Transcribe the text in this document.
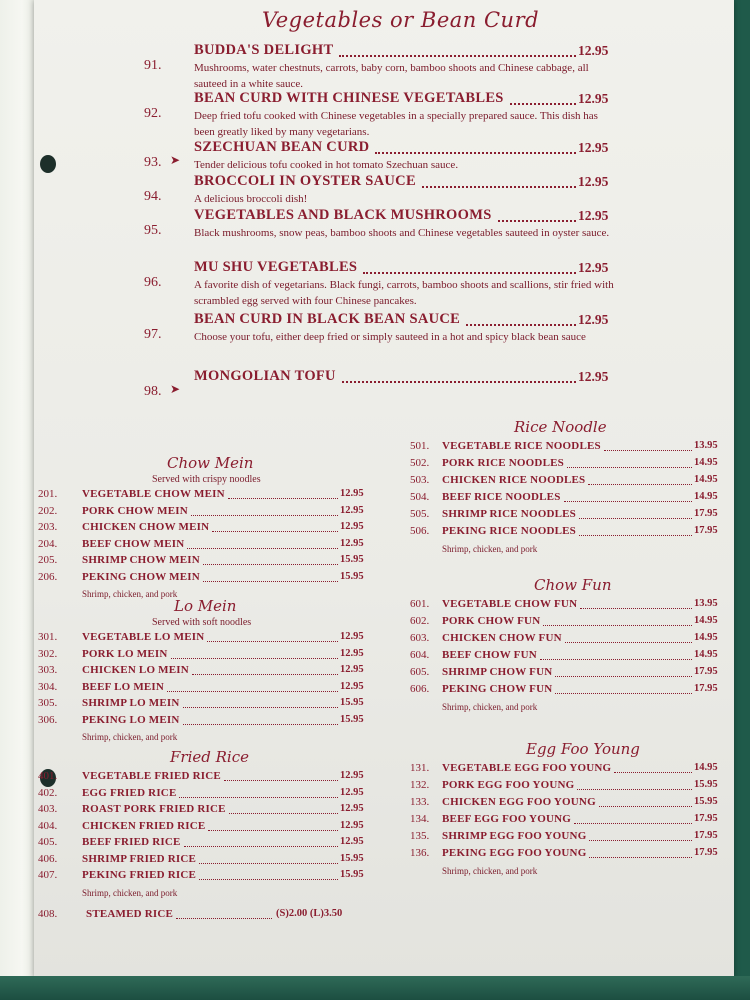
Vegetables or Bean Curd
91.
BUDDA'S DELIGHT	12.95
Mushrooms, water chestnuts, carrots, baby corn, bamboo shoots and Chinese cabbage, all sauteed in a white sauce.
92.
BEAN CURD WITH CHINESE VEGETABLES	12.95
Deep fried tofu cooked with Chinese vegetables in a specially prepared sauce. This dish has been greatly liked by many vegetarians.
93. ➤
SZECHUAN BEAN CURD	12.95
Tender delicious tofu cooked in hot tomato Szechuan sauce.
94.
BROCCOLI IN OYSTER SAUCE	12.95
A delicious broccoli dish!
95.
VEGETABLES AND BLACK MUSHROOMS	12.95
Black mushrooms, snow peas, bamboo shoots and Chinese vegetables sauteed in oyster sauce.
96.
MU SHU VEGETABLES	12.95
A favorite dish of vegetarians. Black fungi, carrots, bamboo shoots and scallions, stir fried with scrambled egg served with four Chinese pancakes.
97.
BEAN CURD IN BLACK BEAN SAUCE	12.95
Choose your tofu, either deep fried or simply sauteed in a hot and spicy black bean sauce
98. ➤
MONGOLIAN TOFU	12.95
Chow Mein
Served with crispy noodles
201. VEGETABLE CHOW MEIN	12.95
202. PORK CHOW MEIN	12.95
203. CHICKEN CHOW MEIN	12.95
204. BEEF CHOW MEIN	12.95
205. SHRIMP CHOW MEIN	15.95
206. PEKING CHOW MEIN	15.95
Shrimp, chicken, and pork
Lo Mein
Served with soft noodles
301. VEGETABLE LO MEIN	12.95
302. PORK LO MEIN	12.95
303. CHICKEN LO MEIN	12.95
304. BEEF LO MEIN	12.95
305. SHRIMP LO MEIN	15.95
306. PEKING LO MEIN	15.95
Shrimp, chicken, and pork
Fried Rice
401. VEGETABLE FRIED RICE	12.95
402. EGG FRIED RICE	12.95
403. ROAST PORK FRIED RICE	12.95
404. CHICKEN FRIED RICE	12.95
405. BEEF FRIED RICE	12.95
406. SHRIMP FRIED RICE	15.95
407. PEKING FRIED RICE	15.95
408.	STEAMED RICE	(S)2.00 (L)3.50
Shrimp, chicken, and pork
Rice Noodle
501. VEGETABLE RICE NOODLES	13.95
502. PORK RICE NOODLES	14.95
503. CHICKEN RICE NOODLES	14.95
504. BEEF RICE NOODLES	14.95
505. SHRIMP RICE NOODLES	17.95
506. PEKING RICE NOODLES	17.95
Shrimp, chicken, and pork
Chow Fun
601. VEGETABLE CHOW FUN	13.95
602. PORK CHOW FUN	14.95
603. CHICKEN CHOW FUN	14.95
604. BEEF CHOW FUN	14.95
605. SHRIMP CHOW FUN	17.95
606. PEKING CHOW FUN	17.95
Shrimp, chicken, and pork
Egg Foo Young
131. VEGETABLE EGG FOO YOUNG	14.95
132. PORK EGG FOO YOUNG	15.95
133. CHICKEN EGG FOO YOUNG	15.95
134. BEEF EGG FOO YOUNG	17.95
135. SHRIMP EGG FOO YOUNG	17.95
136. PEKING EGG FOO YOUNG	17.95
Shrimp, chicken, and pork
